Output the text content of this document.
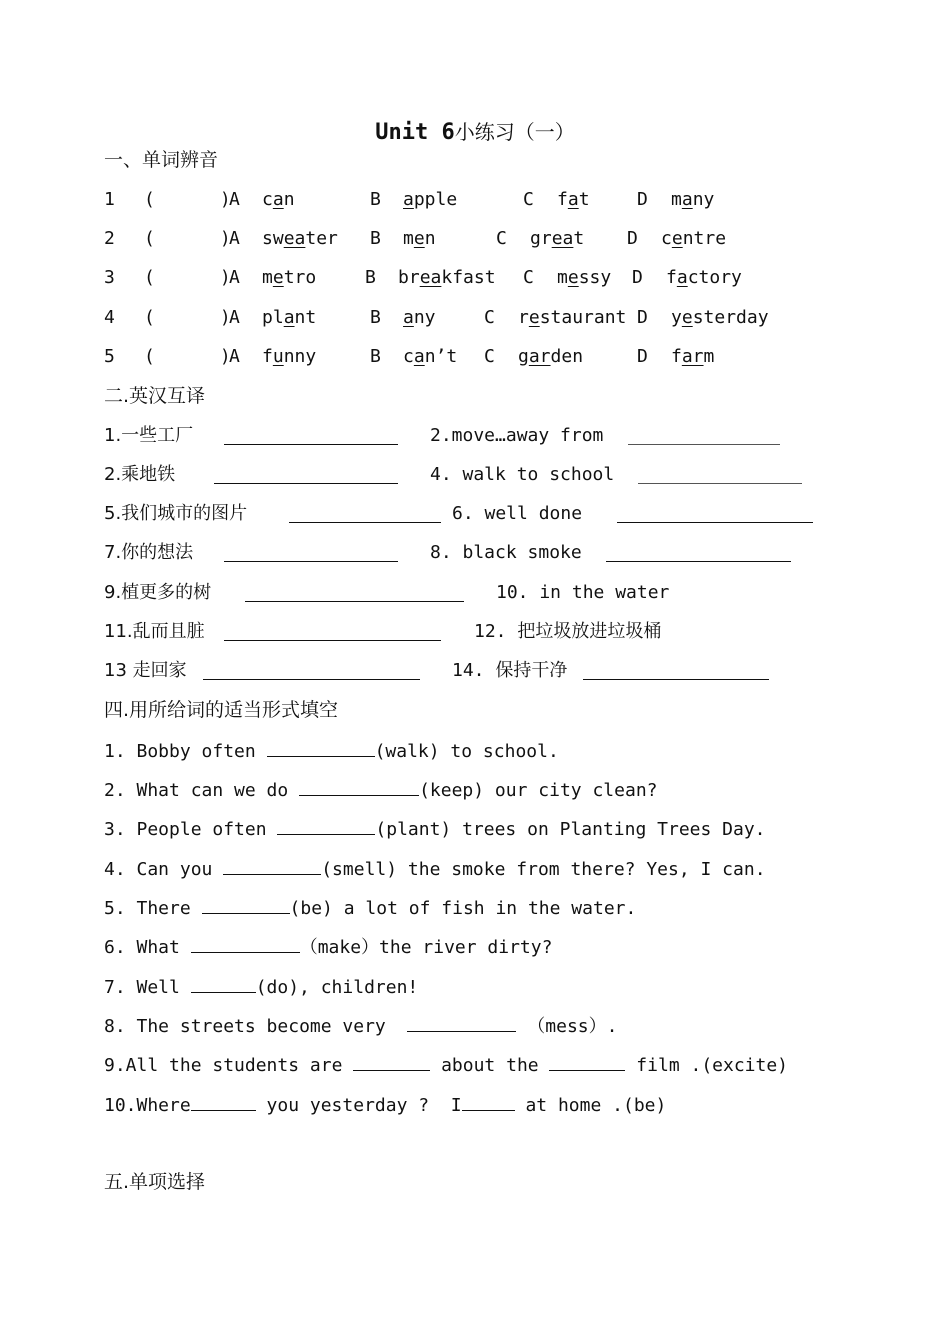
Unit 6小练习（一）
一、单词辨音
1 (      )
A can	B apple	C fat	D many
2 (      )
A sweater B men	C great D centre
3 (      )
A metro	B breakfast C messy D factory
4 (      )
A plant	B any	C restaurant D yesterday
5 (      )
A funny	B can’t C garden	D farm
二.英汉互译
1.一些工厂	2.move…away from
2.乘地铁	4. walk to school
5.我们城市的图片	6. well done
7.你的想法	8. black smoke
9.植更多的树	10. in the water
11.乱而且脏	12. 把垃圾放进垃圾桶
13 走回家	14. 保持干净
四.用所给词的适当形式填空
1. Bobby often	(walk) to school.
2. What can we do	(keep) our city clean?
3. People often	(plant) trees on Planting Trees Day.
4. Can you	(smell) the smoke from there? Yes, I can.
5. There	(be) a lot of fish in the water.
6. What	（make）the river dirty?
7. Well	(do), children!
8. The streets become very	（mess）.
9.All the students are	about the	film .(excite)
10.Where	you yesterday ?  I	at home .(be)
五.单项选择
